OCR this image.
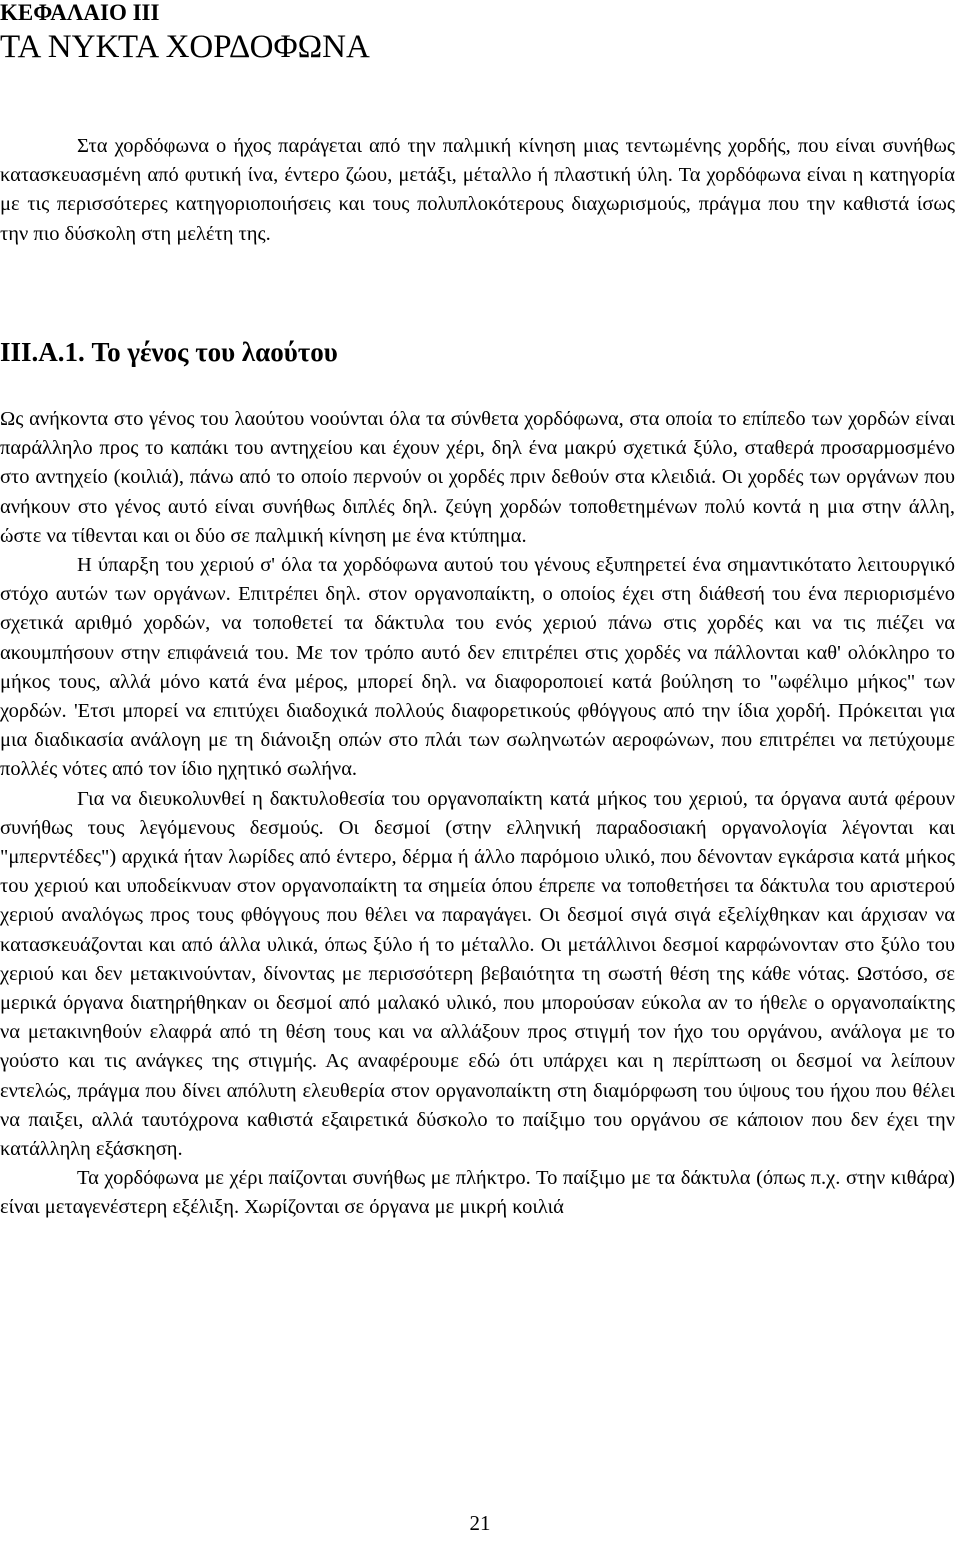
ΚΕΦΑΛΑΙΟ III
ΤΑ ΝΥΚΤΑ ΧΟΡΔΟΦΩΝΑ

Στα χορδόφωνα ο ήχος παράγεται από την παλμική κίνηση μιας τεντωμένης χορδής, που είναι συνήθως κατασκευασμένη από φυτική ίνα, έντερο ζώου, μετάξι, μέταλλο ή πλαστική ύλη. Τα χορδόφωνα είναι η κατηγορία με τις περισσότερες κατηγοριοποιήσεις και τους πολυπλοκότερους διαχωρισμούς, πράγμα που την καθιστά ίσως την πιο δύσκολη στη μελέτη της.

III.A.1. Το γένος του λαούτου

Ως ανήκοντα στο γένος του λαούτου νοούνται όλα τα σύνθετα χορδόφωνα, στα οποία το επίπεδο των χορδών είναι παράλληλο προς το καπάκι του αντηχείου και έχουν χέρι, δηλ ένα μακρύ σχετικά ξύλο, σταθερά προσαρμοσμένο στο αντηχείο (κοιλιά), πάνω από το οποίο περνούν οι χορδές πριν δεθούν στα κλειδιά. Οι χορδές των οργάνων που ανήκουν στο γένος αυτό είναι συνήθως διπλές δηλ. ζεύγη χορδών τοποθετημένων πολύ κοντά η μια στην άλλη, ώστε να τίθενται και οι δύο σε παλμική κίνηση με ένα κτύπημα.

Η ύπαρξη του χεριού σ' όλα τα χορδόφωνα αυτού του γένους εξυπηρετεί ένα σημαντικότατο λειτουργικό στόχο αυτών των οργάνων. Επιτρέπει δηλ. στον οργανοπαίκτη, ο οποίος έχει στη διάθεσή του ένα περιορισμένο σχετικά αριθμό χορδών, να τοποθετεί τα δάκτυλα του ενός χεριού πάνω στις χορδές και να τις πιέζει να ακουμπήσουν στην επιφάνειά του. Με τον τρόπο αυτό δεν επιτρέπει στις χορδές να πάλλονται καθ' ολόκληρο το μήκος τους, αλλά μόνο κατά ένα μέρος, μπορεί δηλ. να διαφοροποιεί κατά βούληση το "ωφέλιμο μήκος" των χορδών. 'Ετσι μπορεί να επιτύχει διαδοχικά πολλούς διαφορετικούς φθόγγους από την ίδια χορδή. Πρόκειται για μια διαδικασία ανάλογη με τη διάνοιξη οπών στο πλάι των σωληνωτών αεροφώνων, που επιτρέπει να πετύχουμε πολλές νότες από τον ίδιο ηχητικό σωλήνα.

Για να διευκολυνθεί η δακτυλοθεσία του οργανοπαίκτη κατά μήκος του χεριού, τα όργανα αυτά φέρουν συνήθως τους λεγόμενους δεσμούς. Οι δεσμοί (στην ελληνική παραδοσιακή οργανολογία λέγονται και "μπερντέδες") αρχικά ήταν λωρίδες από έντερο, δέρμα ή άλλο παρόμοιο υλικό, που δένονταν εγκάρσια κατά μήκος του χεριού και υποδείκνυαν στον οργανοπαίκτη τα σημεία όπου έπρεπε να τοποθετήσει τα δάκτυλα του αριστερού χεριού αναλόγως προς τους φθόγγους που θέλει να παραγάγει. Οι δεσμοί σιγά σιγά εξελίχθηκαν και άρχισαν να κατασκευάζονται και από άλλα υλικά, όπως ξύλο ή το μέταλλο. Οι μετάλλινοι δεσμοί καρφώνονταν στο ξύλο του χεριού και δεν μετακινούνταν, δίνοντας με περισσότερη βεβαιότητα τη σωστή θέση της κάθε νότας. Ωστόσο, σε μερικά όργανα διατηρήθηκαν οι δεσμοί από μαλακό υλικό, που μπορούσαν εύκολα αν το ήθελε ο οργανοπαίκτης να μετακινηθούν ελαφρά από τη θέση τους και να αλλάξουν προς στιγμή τον ήχο του οργάνου, ανάλογα με το γούστο και τις ανάγκες της στιγμής. Ας αναφέρουμε εδώ ότι υπάρχει και η περίπτωση οι δεσμοί να λείπουν εντελώς, πράγμα που δίνει απόλυτη ελευθερία στον οργανοπαίκτη στη διαμόρφωση του ύψους του ήχου που θέλει να παιξει, αλλά ταυτόχρονα καθιστά εξαιρετικά δύσκολο το παίξιμο του οργάνου σε κάποιον που δεν έχει την κατάλληλη εξάσκηση.

Τα χορδόφωνα με χέρι παίζονται συνήθως με πλήκτρο. Το παίξιμο με τα δάκτυλα (όπως π.χ. στην κιθάρα) είναι μεταγενέστερη εξέλιξη. Χωρίζονται σε όργανα με μικρή κοιλιά

21
